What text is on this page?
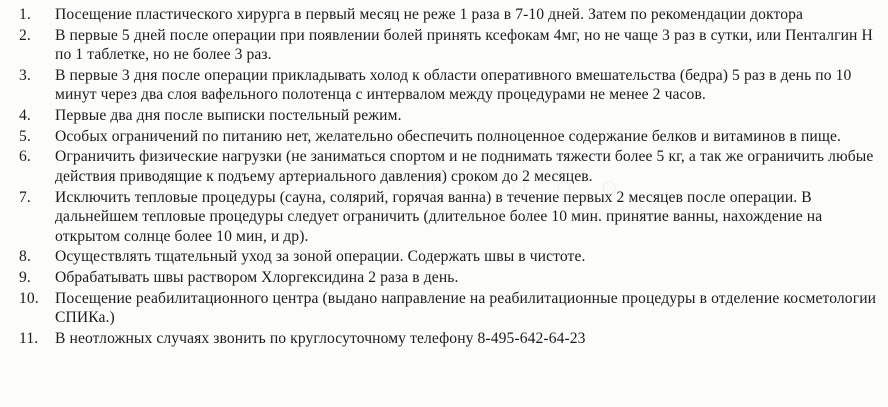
1.	Посещение пластического хирурга в первый месяц не реже 1 раза в 7-10 дней. Затем по рекомендации доктора
2.	В первые 5 дней после операции при появлении болей принять ксефокам 4мг, но не чаще 3 раз в сутки, или Пенталгин Н по 1 таблетке, но не более 3 раз.
3.	В первые 3 дня после операции прикладывать холод к области оперативного вмешательства (бедра) 5 раз в день по 10 минут через два слоя вафельного полотенца с интервалом между процедурами не менее 2 часов.
4.	Первые два дня после выписки постельный режим.
5.	Особых ограничений по питанию нет, желательно обеспечить полноценное содержание белков и витаминов в пище.
6.	Ограничить физические нагрузки (не заниматься спортом и не поднимать тяжести более 5 кг, а так же ограничить любые действия приводящие к подъему артериального давления) сроком до 2 месяцев.
7.	Исключить тепловые процедуры (сауна, солярий, горячая ванна) в течение первых 2 месяцев после операции. В дальнейшем тепловые процедуры следует ограничить (длительное более 10 мин. принятие ванны, нахождение на открытом солнце более 10 мин, и др).
8.	Осуществлять тщательный уход за зоной операции. Содержать швы в чистоте.
9.	Обрабатывать швы раствором Хлоргексидина 2 раза в день.
10.	Посещение реабилитационного центра (выдано направление на реабилитационные процедуры в отделение косметологии СПИКа.)
11.	В неотложных случаях звонить по круглосуточному телефону 8-495-642-64-23
